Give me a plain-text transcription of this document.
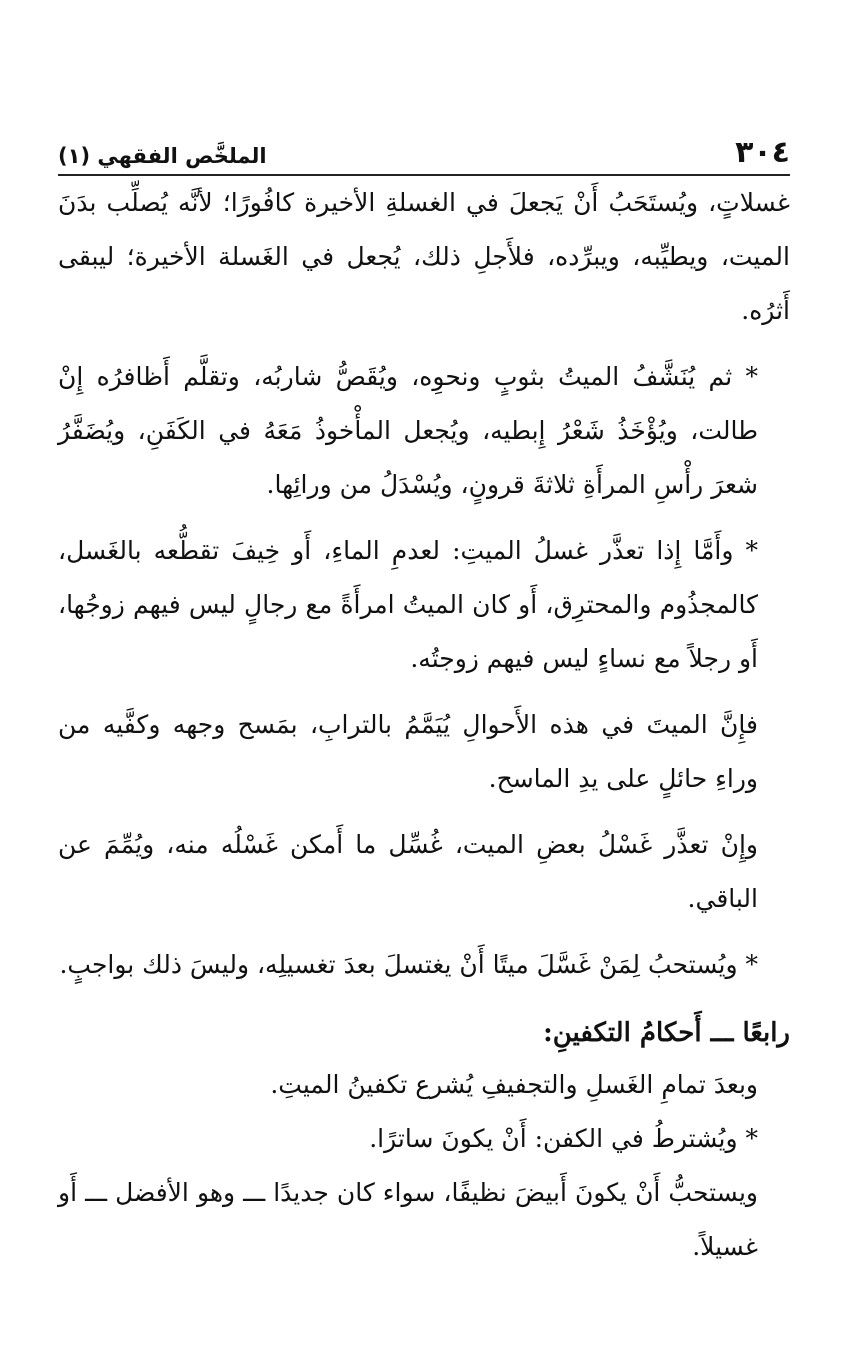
٣٠٤
الملخَّص الفقهي (١)

غسلاتٍ، ويُستَحَبُ أَنْ يَجعلَ في الغسلةِ الأخيرة كافُورًا؛ لأنَّه يُصلِّب بدَنَ الميت، ويطيِّبه، ويبرِّده، فلأَجلِ ذلك، يُجعل في الغَسلة الأخيرة؛ ليبقى أَثرُه.

* ثم يُنَشَّفُ الميتُ بثوبٍ ونحوِه، ويُقَصُّ شاربُه، وتقلَّم أَظافرُه إِنْ طالت، ويُؤْخَذُ شَعْرُ إِبطيه، ويُجعل المأْخوذُ مَعَهُ في الكَفَنِ، ويُضَفَّرُ شعرَ رأْسِ المرأَةِ ثلاثةَ قرونٍ، ويُسْدَلُ من ورائِها.

* وأَمَّا إِذا تعذَّر غسلُ الميتِ: لعدمِ الماءِ، أَو خِيفَ تقطُّعه بالغَسل، كالمجذُوم والمحترِق، أَو كان الميتُ امرأَةً مع رجالٍ ليس فيهم زوجُها، أَو رجلاً مع نساءٍ ليس فيهم زوجتُه.

فإِنَّ الميتَ في هذه الأَحوالِ يُيَمَّمُ بالترابِ، بمَسح وجهه وكفَّيه من وراءِ حائلٍ على يدِ الماسح.

وإِنْ تعذَّر غَسْلُ بعضِ الميت، غُسِّل ما أَمكن غَسْلُه منه، ويُمِّمَ عن الباقي.

* ويُستحبُ لِمَنْ غَسَّلَ ميتًا أَنْ يغتسلَ بعدَ تغسيلِه، وليسَ ذلك بواجبٍ.

رابعًا ـــ أَحكامُ التكفينِ:

وبعدَ تمامِ الغَسلِ والتجفيفِ يُشرع تكفينُ الميتِ.

* ويُشترطُ في الكفن: أَنْ يكونَ ساترًا.

ويستحبُّ أَنْ يكونَ أَبيضَ نظيفًا، سواء كان جديدًا ـــ وهو الأفضل ـــ أَو غسيلاً.
